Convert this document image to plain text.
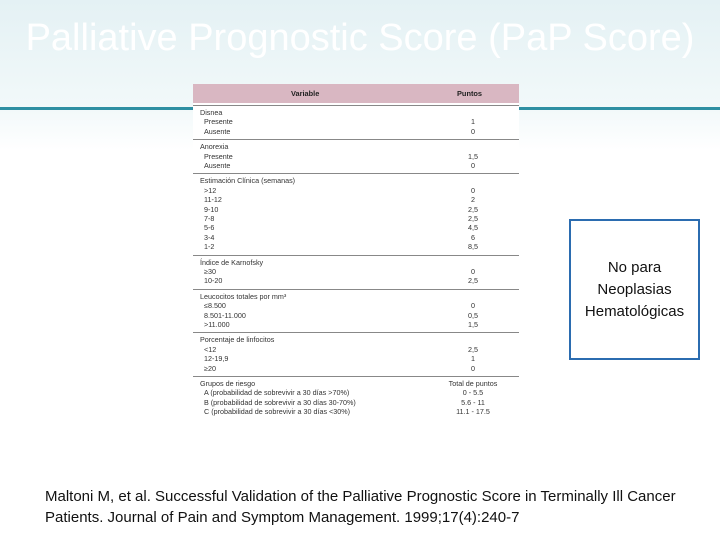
Palliative Prognostic Score (PaP Score)
Variable	Puntos
Disnea
Presente	1
Ausente	0
Anorexia
Presente	1,5
Ausente	0
Estimación Clínica (semanas)
>12	0
11-12	2
9-10	2,5
7-8	2,5
5-6	4,5
3-4	6
1-2	8,5
Índice de Karnofsky
≥30	0
10-20	2,5
Leucocitos totales por mm³
≤8.500	0
8.501-11.000	0,5
>11.000	1,5
Porcentaje de linfocitos
<12	2,5
12-19,9	1
≥20	0
Grupos de riesgo	Total de puntos
A (probabilidad de sobrevivir a 30 días >70%)	0 - 5.5
B (probabilidad de sobrevivir a 30 días 30-70%)	5.6 - 11
C (probabilidad de sobrevivir a 30 días <30%)	11.1 - 17.5
No para Neoplasias Hematológicas
Maltoni M, et al. Successful Validation of the Palliative Prognostic Score in Terminally Ill Cancer Patients. Journal of Pain and Symptom Management. 1999;17(4):240-7
